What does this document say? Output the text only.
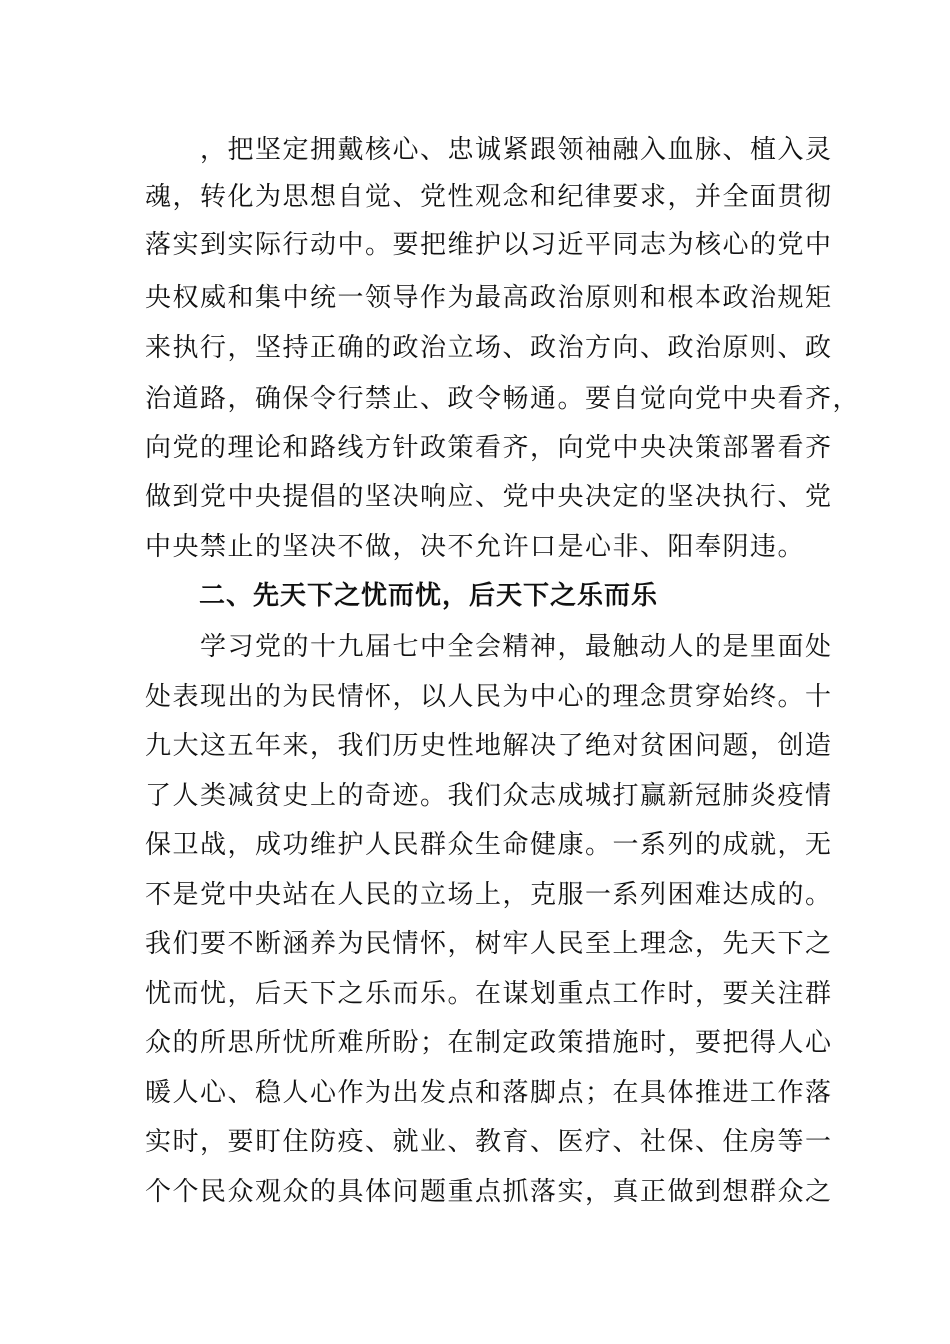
　　，把坚定拥戴核心、忠诚紧跟领袖融入血脉、植入灵
魂，转化为思想自觉、党性观念和纪律要求，并全面贯彻
落实到实际行动中。要把维护以习近平同志为核心的党中
央权威和集中统一领导作为最高政治原则和根本政治规矩
来执行，坚持正确的政治立场、政治方向、政治原则、政
治道路，确保令行禁止、政令畅通。要自觉向党中央看齐，
向党的理论和路线方针政策看齐，向党中央决策部署看齐
做到党中央提倡的坚决响应、党中央决定的坚决执行、党
中央禁止的坚决不做，决不允许口是心非、阳奉阴违。
　　二、先天下之忧而忧，后天下之乐而乐
　　学习党的十九届七中全会精神，最触动人的是里面处
处表现出的为民情怀，以人民为中心的理念贯穿始终。十
九大这五年来，我们历史性地解决了绝对贫困问题，创造
了人类减贫史上的奇迹。我们众志成城打赢新冠肺炎疫情
保卫战，成功维护人民群众生命健康。一系列的成就，无
不是党中央站在人民的立场上，克服一系列困难达成的。
我们要不断涵养为民情怀，树牢人民至上理念，先天下之
忧而忧，后天下之乐而乐。在谋划重点工作时，要关注群
众的所思所忧所难所盼；在制定政策措施时，要把得人心
暖人心、稳人心作为出发点和落脚点；在具体推进工作落
实时，要盯住防疫、就业、教育、医疗、社保、住房等一
个个民众观众的具体问题重点抓落实，真正做到想群众之
